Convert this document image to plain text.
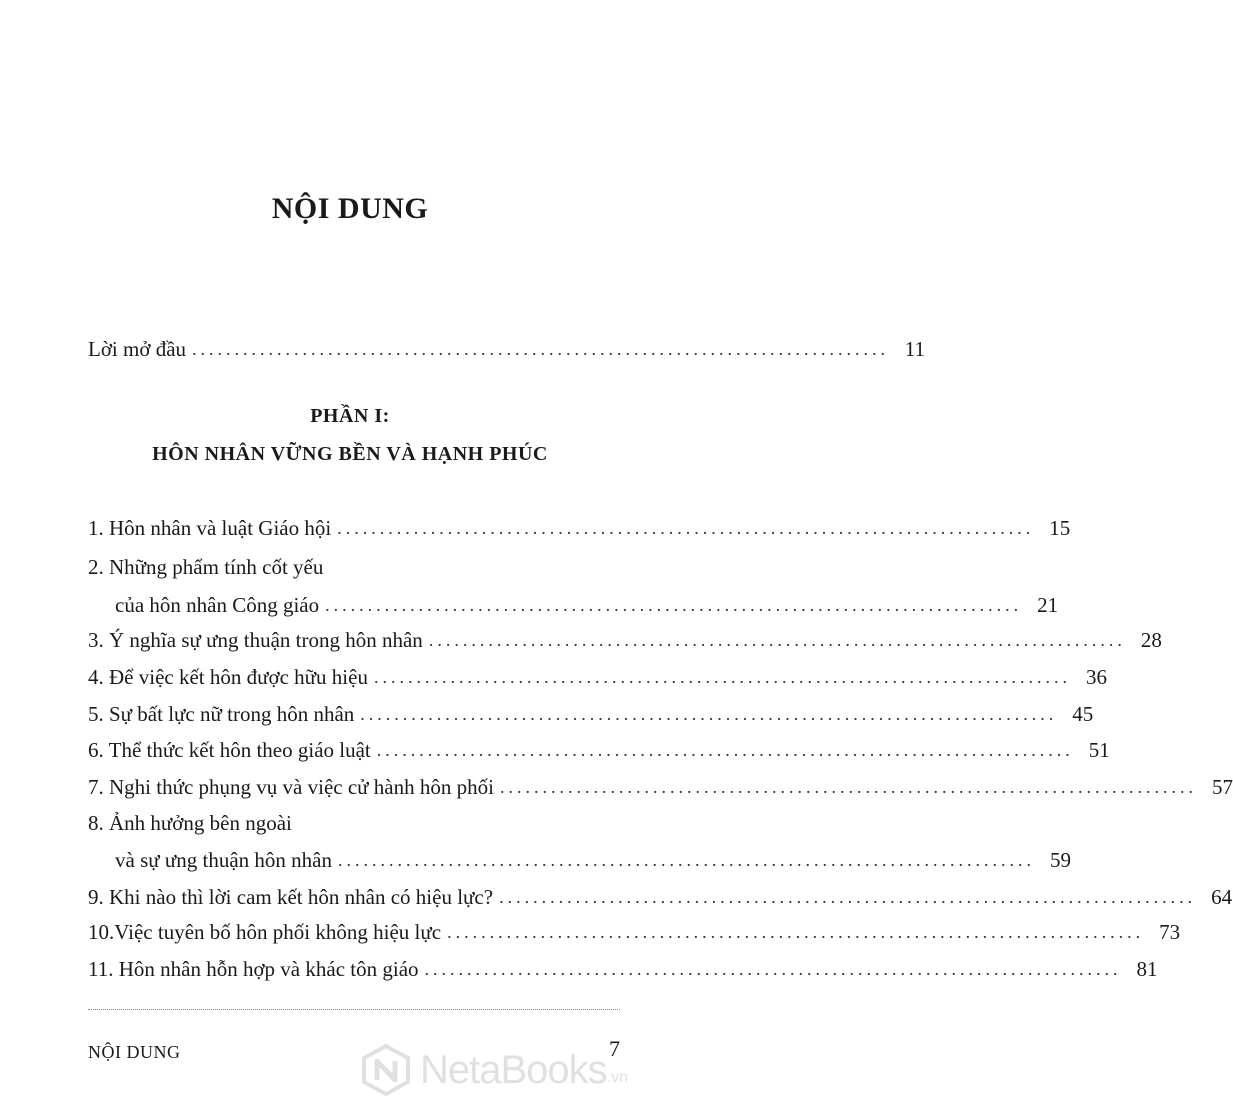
NỘI DUNG
Lời mở đầu .................................................................................. 11
PHẦN I:
HÔN NHÂN VỮNG BỀN VÀ HẠNH PHÚC
1. Hôn nhân và luật Giáo hội .................................................................................. 15
2. Những phẩm tính cốt yếu
của hôn nhân Công giáo .................................................................................. 21
3. Ý nghĩa sự ưng thuận trong hôn nhân .................................................................................. 28
4. Để việc kết hôn được hữu hiệu .................................................................................. 36
5. Sự bất lực nữ trong hôn nhân .................................................................................. 45
6. Thể thức kết hôn theo giáo luật .................................................................................. 51
7. Nghi thức phụng vụ và việc cử hành hôn phối .................................................................................. 57
8. Ảnh hưởng bên ngoài
và sự ưng thuận hôn nhân .................................................................................. 59
9. Khi nào thì lời cam kết hôn nhân có hiệu lực? .................................................................................. 64
10.Việc tuyên bố hôn phối không hiệu lực .................................................................................. 73
11. Hôn nhân hỗn hợp và khác tôn giáo .................................................................................. 81
NỘI DUNG	7
NetaBooks .vn
